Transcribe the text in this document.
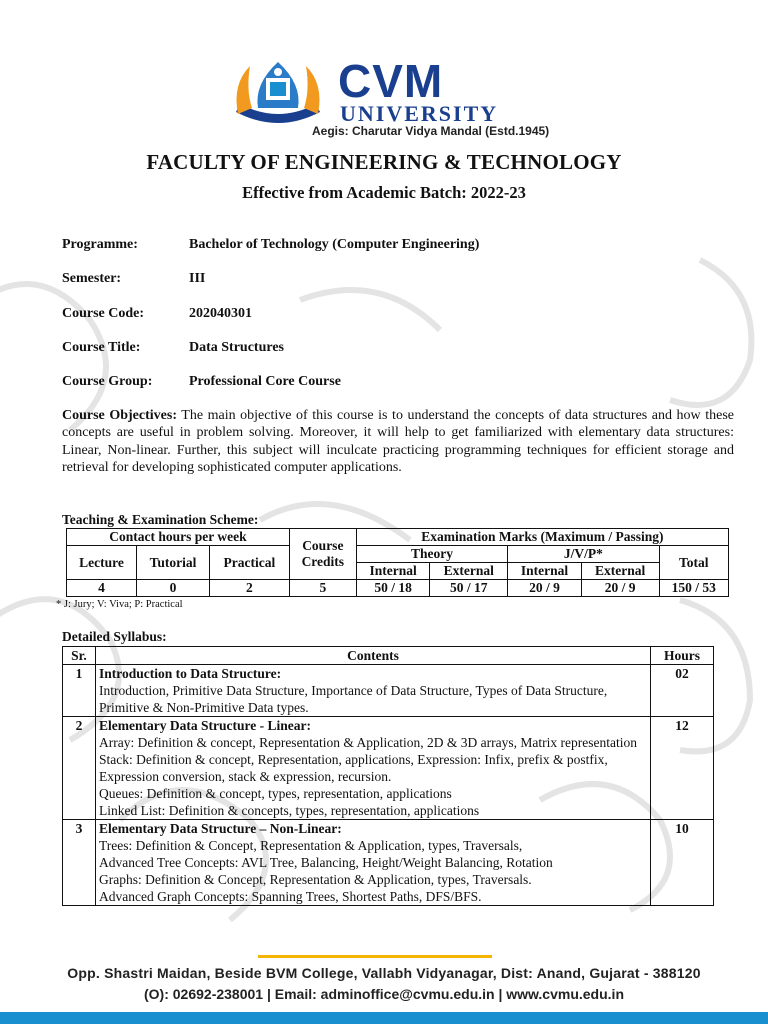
CVM
UNIVERSITY
Aegis: Charutar Vidya Mandal (Estd.1945)
FACULTY OF ENGINEERING & TECHNOLOGY
Effective from Academic Batch: 2022-23
Programme:	Bachelor of Technology (Computer Engineering)
Semester:	III
Course Code:	202040301
Course Title:	Data Structures
Course Group:	Professional Core Course
Course Objectives: The main objective of this course is to understand the concepts of data structures and how these concepts are useful in problem solving. Moreover, it will help to get familiarized with elementary data structures: Linear, Non-linear. Further, this subject will inculcate practicing programming techniques for efficient storage and retrieval for developing sophisticated computer applications.
Teaching & Examination Scheme:
Contact hours per week			Course Credits	Examination Marks (Maximum / Passing)				
Lecture	Tutorial	Practical		Theory		J/V/P*		Total
				Internal	External	Internal	External	
4	0	2	5	50 / 18	50 / 17	20 / 9	20 / 9	150 / 53
* J: Jury; V: Viva; P: Practical
Detailed Syllabus:
Sr.	Contents	Hours
1	Introduction to Data Structure:
Introduction, Primitive Data Structure, Importance of Data Structure, Types of Data Structure, Primitive & Non-Primitive Data types.	02
2	Elementary Data Structure - Linear:
Array: Definition & concept, Representation & Application, 2D & 3D arrays, Matrix representation
Stack: Definition & concept, Representation, applications, Expression: Infix, prefix & postfix, Expression conversion, stack & expression, recursion.
Queues: Definition & concept, types, representation, applications
Linked List: Definition & concepts, types, representation, applications	12
3	Elementary Data Structure – Non-Linear:
Trees: Definition & Concept, Representation & Application, types, Traversals,
Advanced Tree Concepts: AVL Tree, Balancing, Height/Weight Balancing, Rotation
Graphs: Definition & Concept, Representation & Application, types, Traversals.
Advanced Graph Concepts: Spanning Trees, Shortest Paths, DFS/BFS.	10
Opp. Shastri Maidan, Beside BVM College, Vallabh Vidyanagar, Dist: Anand, Gujarat - 388120
(O): 02692-238001 | Email: adminoffice@cvmu.edu.in | www.cvmu.edu.in
